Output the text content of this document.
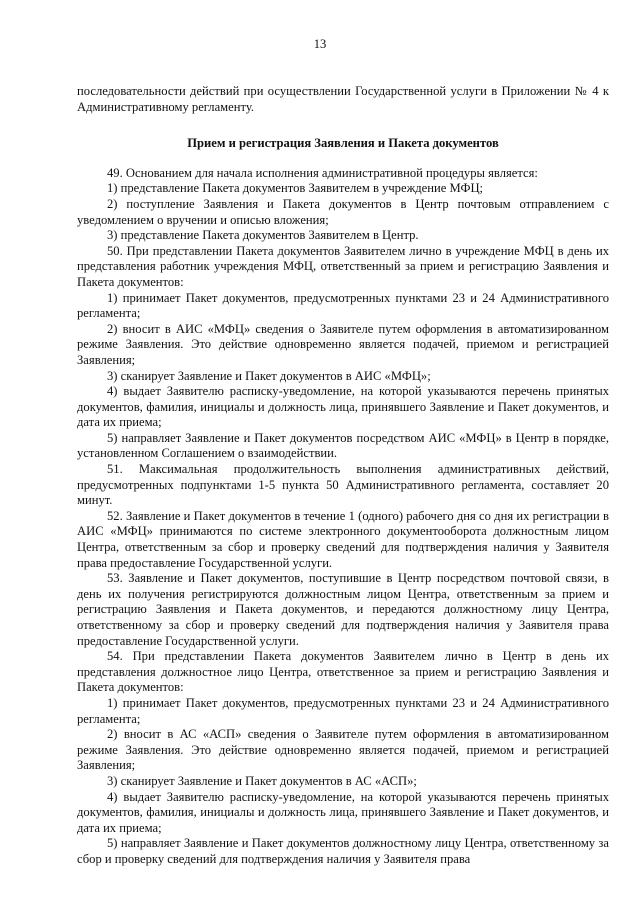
13

последовательности действий при осуществлении Государственной услуги в Приложении № 4 к Административному регламенту.

Прием и регистрация Заявления и Пакета документов

49. Основанием для начала исполнения административной процедуры является:

1) представление Пакета документов Заявителем в учреждение МФЦ;

2) поступление Заявления и Пакета документов в Центр почтовым отправлением с уведомлением о вручении и описью вложения;

3) представление Пакета документов Заявителем в Центр.

50. При представлении Пакета документов Заявителем лично в учреждение МФЦ в день их представления работник учреждения МФЦ, ответственный за прием и регистрацию Заявления и Пакета документов:

1) принимает Пакет документов, предусмотренных пунктами 23 и 24 Административного регламента;

2) вносит в АИС «МФЦ» сведения о Заявителе путем оформления в автоматизированном режиме Заявления. Это действие одновременно является подачей, приемом и регистрацией Заявления;

3) сканирует Заявление и Пакет документов в АИС «МФЦ»;

4) выдает Заявителю расписку-уведомление, на которой указываются перечень принятых документов, фамилия, инициалы и должность лица, принявшего Заявление и Пакет документов, и дата их приема;

5) направляет Заявление и Пакет документов посредством АИС «МФЦ» в Центр в порядке, установленном Соглашением о взаимодействии.

51. Максимальная продолжительность выполнения административных действий, предусмотренных подпунктами 1-5 пункта 50 Административного регламента, составляет 20 минут.

52. Заявление и Пакет документов в течение 1 (одного) рабочего дня со дня их регистрации в АИС «МФЦ» принимаются по системе электронного документооборота должностным лицом Центра, ответственным за сбор и проверку сведений для подтверждения наличия у Заявителя права предоставление Государственной услуги.

53. Заявление и Пакет документов, поступившие в Центр посредством почтовой связи, в день их получения регистрируются должностным лицом Центра, ответственным за прием и регистрацию Заявления и Пакета документов, и передаются должностному лицу Центра, ответственному за сбор и проверку сведений для подтверждения наличия у Заявителя права предоставление Государственной услуги.

54. При представлении Пакета документов Заявителем лично в Центр в день их представления должностное лицо Центра, ответственное за прием и регистрацию Заявления и Пакета документов:

1) принимает Пакет документов, предусмотренных пунктами 23 и 24 Административного регламента;

2) вносит в АС «АСП» сведения о Заявителе путем оформления в автоматизированном режиме Заявления. Это действие одновременно является подачей, приемом и регистрацией Заявления;

3) сканирует Заявление и Пакет документов в АС «АСП»;

4) выдает Заявителю расписку-уведомление, на которой указываются перечень принятых документов, фамилия, инициалы и должность лица, принявшего Заявление и Пакет документов, и дата их приема;

5) направляет Заявление и Пакет документов должностному лицу Центра, ответственному за сбор и проверку сведений для подтверждения наличия у Заявителя права
